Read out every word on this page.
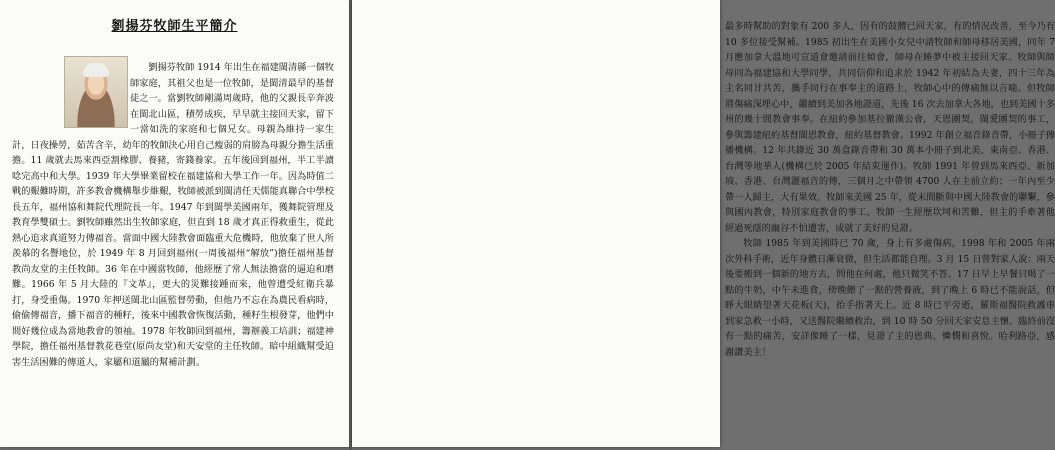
劉揚芬牧師生平簡介

劉揚芬牧師 1914 年出生在福建閩清縣一個牧師家庭，其祖父也是一位牧師，是閩清最早的基督徒之一。當劉牧師剛滿周歲時，他的父親長辛奔波在閩北山區，積勞成疾，早早就主接回天家，留下一當如洗的家庭和七個兄女。母親為維持一家生計，日夜操勞，茹苦含辛，幼年的牧師決心用自己瘦弱的肩膀為母親分擔生活重擔。11 歲就去馬來西亞割橡膠、養豬，寄錢養家。五年後回到福州，半工半讀唸完高中和大學。1939 年大學畢業留校在福建協和大學工作一年。因為時值二戰的艱難時期，許多教會機構舉步維艱，牧師被派到閩清任天儒能真聯合中學校長五年，福州協和舞院代理院長一年。1947 年到閩學美國兩年，獲舞院管理及教育學雙碩士。劉牧師雖然出生牧師家庭，但直到 18 歲才真正得救重生，從此熱心追求真道努力傳福音。當面中國大陸教會面臨重大危機時，他放棄了世人所羨慕的名譽地位，於 1949 年 8 月回到福州(一周後福州“解放”)擔任福州基督教尚友堂的主任牧師。36 年在中國當牧師，他經歷了常人無法擔當的逼迫和磨難。1966 年 5 月大陸的『文革』，更大的災難接踵而來，他曾遭受紅衛兵暴打，身受重傷。1970 年押送閩北山區監督勞動，但他乃不忘在為農民看病時，偷偷傳福音，播下福音的種籽，後來中國教會恢復活動，種籽生根發芽，他們中間好幾位成為當地教會的領袖。1978 年牧師回到福州，籌辦義工培訓；福建神學院，擔任福州基督教花巷堂(原尚友堂)和天安堂的主任牧師。暗中組織幫受迫害生活困難的傳道人，家屬和道屬的幫補計劃。

最多時幫助的對象有 200 多人，因有的鼓體已回天家，有的情況改善，至今乃有 10 多位接受幫補。1985 初出生在美國小女兒中請牧師和師母移居美國，同年 7 月應加拿大溫地可宣道會邀請前往傾會，師母在睡夢中被主接回天家。牧師與師母同為福建協和大學同學，共同信仰和追求於 1942 年初結為夫妻，四十三年為主名同甘共苦，攜手同行在事奉主的道路上，牧師心中的傳痛無以言喻。但牧師將傷痛深埋心中，繼續到美加各地證道，先後 16 次去加拿大各地，也到美國十多州的幾十間教會事奉。在紐約參加基拉徹漢公會，天恩團契，閩愛團契的事工，參與籌建紐約基督閩恩教會，紐約基督教會。1992 年創立福音錄音帶，小冊子傳播機構。12 年共錄近 30 萬盒錄音帶和 30 萬本小冊子到北美、東南亞、香港、台灣等地華人(機構已於 2005 年結束運作)。牧師 1991 年曾到馬來西亞、新加坡、香港、台灣灑福音的傳，三個月之中帶領 4700 人在主前立約；一年內至少帶一人歸主，大有果效。牧師來美國 25 年，從未間斷與中國大陸教會的聯繫，參與國內教會，特別家庭教會的事工。牧師一生經歷坎坷和苦難，但主的手牽著他經過死蔭的幽谷不怕遭害，成就了美好的見證。

牧師 1985 年到美國時已 70 歲，身上有多處傷病，1998 年和 2005 年兩次外科手術，近年身體日漸衰微，但生活都能自理。3 月 15 日曾對家人說：兩天後要搬到一個新的地方去，問他在何處，他只微笑不答。17 日早上早餐只喝了一點的牛奶，中午未進食，傍晚餵了一點的營養液，到了晚上 6 時已不能說話，但睜大眼睛望著天花板(天)，抬手指著天上。近 8 時已平旁逝，羅斯福醫院救護車到家急救一小時，又送醫院繼續救治，到 10 時 50 分回天家安息主懷。臨終前沒有一點的痛苦，安詳像睡了一樣，見證了主的恩典、憐憫和喜悅。哈利路亞，感謝讚美主！
